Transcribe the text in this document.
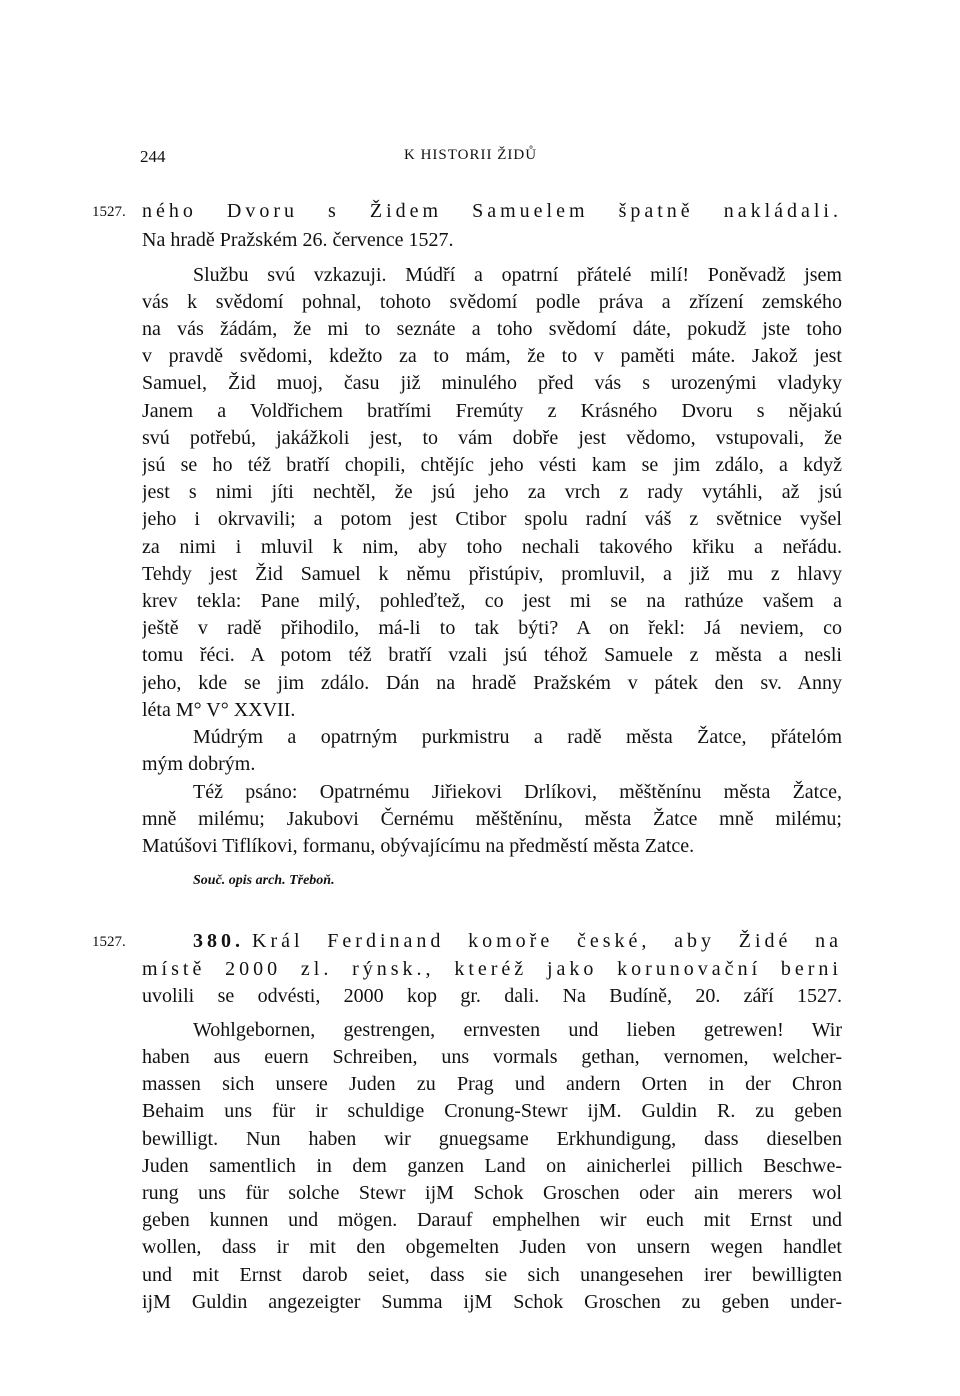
244	K HISTORII ŽIDŮ
1527. ného Dvoru s Židem Samuelem špatně nakládali.
Na hradě Pražském 26. července 1527.
Službu svú vzkazuji. Múdří a opatrní přátelé milí! Poněvadž jsem
vás k svědomí pohnal, tohoto svědomí podle práva a zřízení zemského
na vás žádám, že mi to seznáte a toho svědomí dáte, pokudž jste toho
v pravdě svědomi, kdežto za to mám, že to v paměti máte. Jakož jest
Samuel, Žid muoj, času již minulého před vás s urozenými vladyky
Janem a Voldřichem bratřími Fremúty z Krásného Dvoru s nějakú
svú potřebú, jakážkoli jest, to vám dobře jest vědomo, vstupovali, že
jsú se ho též bratří chopili, chtějíc jeho vésti kam se jim zdálo, a když
jest s nimi jíti nechtěl, že jsú jeho za vrch z rady vytáhli, až jsú
jeho i okrvavili; a potom jest Ctibor spolu radní váš z světnice vyšel
za nimi i mluvil k nim, aby toho nechali takového křiku a neřádu.
Tehdy jest Žid Samuel k němu přistúpiv, promluvil, a již mu z hlavy
krev tekla: Pane milý, pohleďtež, co jest mi se na rathúze vašem a
ještě v radě přihodilo, má-li to tak býti? A on řekl: Já neviem, co
tomu řéci. A potom též bratří vzali jsú téhož Samuele z města a nesli
jeho, kde se jim zdálo. Dán na hradě Pražském v pátek den sv. Anny
léta M° V° XXVII.
Múdrým a opatrným purkmistru a radě města Žatce, přátelóm
mým dobrým.
Též psáno: Opatrnému Jiřiekovi Drlíkovi, měštěnínu města Žatce,
mně milému; Jakubovi Černému měštěnínu, města Žatce mně milému;
Matúšovi Tiflíkovi, formanu, obývajícímu na předměstí města Zatce.
Souč. opis arch. Třeboň.
1527.	380. Král Ferdinand komoře české, aby Židé na
místě 2000 zl. rýnsk., kteréž jako korunovační berni
uvolili se odvésti, 2000 kop gr. dali. Na Budíně, 20. září 1527.
Wohlgebornen, gestrengen, ernvesten und lieben getrewen! Wir
haben aus euern Schreiben, uns vormals gethan, vernomen, welcher-
massen sich unsere Juden zu Prag und andern Orten in der Chron
Behaim uns für ir schuldige Cronung-Stewr ijM. Guldin R. zu geben
bewilligt. Nun haben wir gnuegsame Erkhundigung, dass dieselben
Juden samentlich in dem ganzen Land on ainicherlei pillich Beschwe-
rung uns für solche Stewr ijM Schok Groschen oder ain merers wol
geben kunnen und mögen. Darauf emphelhen wir euch mit Ernst und
wollen, dass ir mit den obgemelten Juden von unsern wegen handlet
und mit Ernst darob seiet, dass sie sich unangesehen irer bewilligten
ijM Guldin angezeigter Summa ijM Schok Groschen zu geben under-
